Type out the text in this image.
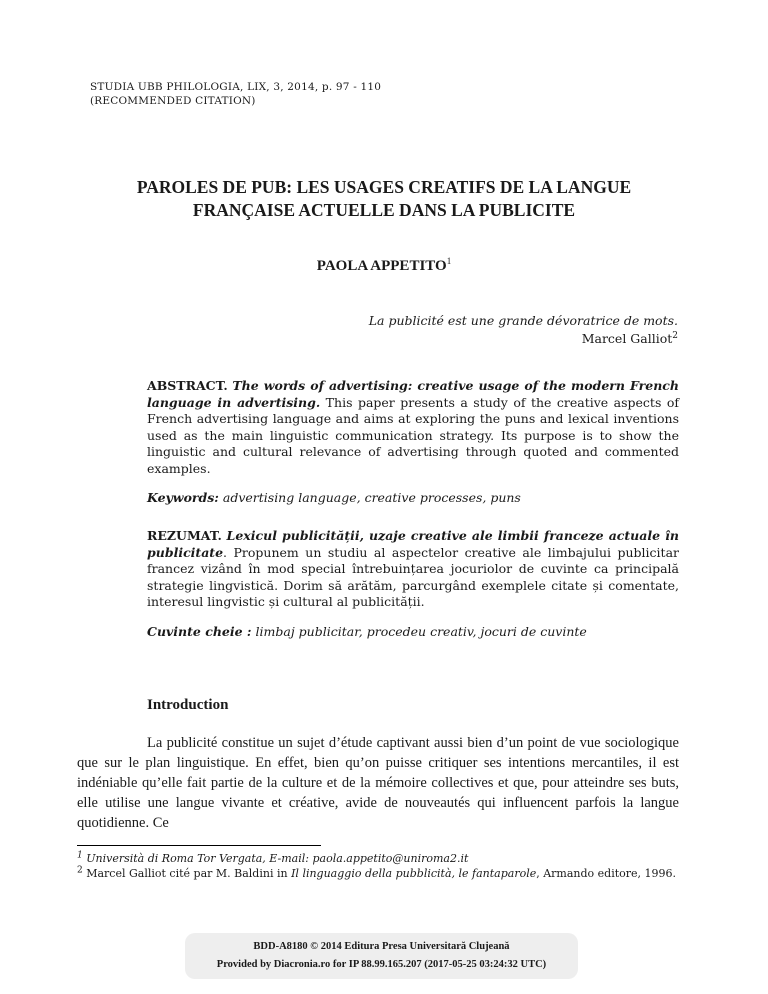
STUDIA UBB PHILOLOGIA, LIX, 3, 2014, p. 97 - 110
(RECOMMENDED CITATION)
PAROLES DE PUB: LES USAGES CREATIFS DE LA LANGUE
FRANÇAISE ACTUELLE DANS LA PUBLICITE
PAOLA APPETITO$^1$
La publicité est une grande dévoratrice de mots.
Marcel Galliot$^2$
ABSTRACT. The words of advertising: creative usage of the modern French language in advertising. This paper presents a study of the creative aspects of French advertising language and aims at exploring the puns and lexical inventions used as the main linguistic communication strategy. Its purpose is to show the linguistic and cultural relevance of advertising through quoted and commented examples.
Keywords: advertising language, creative processes, puns
REZUMAT. Lexicul publicității, uzaje creative ale limbii franceze actuale în publicitate. Propunem un studiu al aspectelor creative ale limbajului publicitar francez vizând în mod special întrebuințarea jocuriolor de cuvinte ca principală strategie lingvistică. Dorim să arătăm, parcurgând exemplele citate și comentate, interesul lingvistic și cultural al publicității.
Cuvinte cheie : limbaj publicitar, procedeu creativ, jocuri de cuvinte
Introduction
La publicité constitue un sujet d’étude captivant aussi bien d’un point de vue sociologique que sur le plan linguistique. En effet, bien qu’on puisse critiquer ses intentions mercantiles, il est indéniable qu’elle fait partie de la culture et de la mémoire collectives et que, pour atteindre ses buts, elle utilise une langue vivante et créative, avide de nouveautés qui influencent parfois la langue quotidienne. Ce
$^1$ Università di Roma Tor Vergata, E-mail: paola.appetito@uniroma2.it
$^2$ Marcel Galliot cité par M. Baldini in Il linguaggio della pubblicità, le fantaparole, Armando editore, 1996.
BDD-A8180 © 2014 Editura Presa Universitară Clujeană
Provided by Diacronia.ro for IP 88.99.165.207 (2017-05-25 03:24:32 UTC)
